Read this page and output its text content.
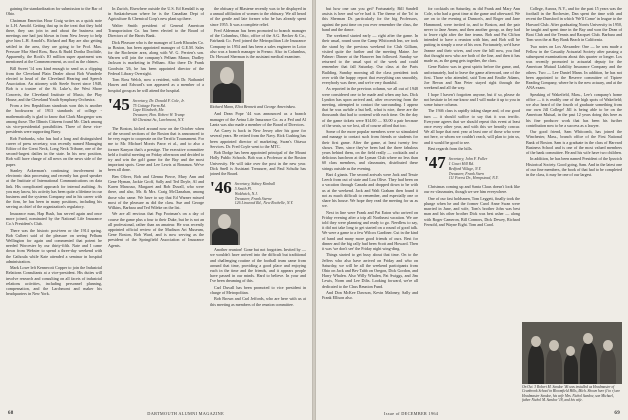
gaining the standardization for submission to the Bar of Ohio.

Chairman Emeritus Hour Craig writes us a quick note to L.H. Arnold. Getting that up in the treat that they hold there, they can join in and about the business and meetings one had just blown in from New Jersey to help give him L.H. Arnold's. Richard and Ray are also getting settled in the area, they are going to be Prof. Max. Pressure Mar Shed Ross, Russ & Budd Dortha Doolittle, Apparently, the Rock's IO million super apartment was mentioned at the Commencement, as cool as the chimes.

Bill Sweet '14 was kind enough to send us a clipping from the Cleveland Plain Dealer about Bob Wunderle elected to head of the Cleveland Hearing and Speech Association. An attorney with Steele Sweet since 1948, Bob is a trustee of the St. Luke's, the West Shore Concerts, the Cleveland Institute of Music, the Play House, and the Cleveland Youth Symphony Orchestra.

From a few Republican standouts won this is another the bookworm of 1913 standards of college - mathematically is glad to know that Clark Macgregor was among those. The Illinois Citizens found Mr. Clark among six vice-presidential possibilities. Three of these vice-presidents were supporting Barry.

Rob Fairbanks, who has had a long and distinguished career of press secretary, was recently named Managing Editor of the Great Neck, Long Neck Tribune, one of the second-largest dailies in the state. In his new position, Rob will have charge of all news on the news side of the paper.

Stanley Ackerman's continuing involvement in electronic data processing and recently has good speaker at the Institute of International Communications on data link. His complicated approach for internal auditing. As you may know, his activity has been quite a lifetime in our business and the systems Company and in his career with the firm, he has been in many positions, including his serving as chief of the organization's regulatory.

Insurance man, Hap Bush, has served again and once more joined, nominated by the National Life Insurance Co.'s President's Club.

There was the historic post-teen or the 1914 spring. Bob Culbert said of the pleasure on seeing Pelham Wellington for again and commented that potent he needed Worcester by our thirty-fifth. Nate and I came down from Webster to spend a three-day weekend with the Cathoula while Kate attended a seminar in hospital administration.

Mark Lowe left Kennecott Copper to join the Industrial Relations Consultants at a vice-president. His duties will involve research and consulting on all facets of industrial relations activities, including personnel planning, compensation, and the Larchmont and maker his headquarters in New York.

In Zurich, Elsewhere outside the U.S. Ed Kendall is up in Saskatchewan where he is the Canadian Dept of Agriculture & Chemical Corp's new plant up there.

Walter Smith president of General American Transportation Co. has been elected to the Board of Directors of the Harris Bank.

Dick Pleasure who is the manager of Loeb Rhoades Co. in Boston, has been appointed manager of G.E.M. Sales for the Rochester area, along with W. G. Perrien's son. Warren will join the company's Pelham Manor, Dudley Jackson is marketing in Pelham. Also there Dr Frank Goodwin '26, he has been appointed director of the Federal Library Oversight.

Tom Ross Welch, now a resident, with Dr. Nathaniel Hawes and Edward's son appeared as a member of a hospital group as he will attend the hospital.

'45 Secretary, Dr. Donald F. Cole, Jr.
75 Cottage Farm Rd.
Cape Elizabeth, Me.
Treasurer, Hon. Robert W. Trump
60 Chestnut Av., Larchmont, N.Y.

The Boston, kicked around now on the October when of the second sections of the Boston that is announced to be very eager to cooperate on the Terrific Tournament. For me to Mr. Michael Morris Paror et al., and to also a former Kanyon that's a prestige. The executive committee held a fruitful meeting on Friday afternoon and decided to try and win the golf game for the Bay and the most important spots. Gene and Lee Lewis at Bonanza. We've been all done.

Ben Oliver, Bob and Glenna Pierce, Mary Ann and Gene Hyman, Jackie Groff, Sally and Ted Doyle, Al and Karen Mancuso, Margaret and Bob Duvall, who were there, and also, Mr. & Mrs. Craig McClanahan, among those who came. We have to say that Ed Warner missed most of the pleasure as did the class. Sue and George Wilkins, Barbara and Ted Wileke on the list.

We are all envious that Pap Footman's on a day of course the game plus a four to their Duke, but he is not an all professional, rather than an amateur. He was recently appointed official review of the Madison Art Museum, Gene Boston, Bob Ward, and is now serving as the president of the Springfield Association of Insurance Agents.

the obituary of Blastene recently was to be displayed in a annual affiliation of women to the obituary. We all heard of the gentle and late former who he has already spent since 1955. It was a complete relief.

Fred Alderman has been promoted to branch manager of the Columbus, Ohio, office of the A.G. Becker & Co., Fairbank Co. Fred joined the Metropolitan Life Insurance Company in 1954 and has been a sales engineer in Lotor also was a branch manager in Fresno. Also in Columbus, Dr. Howard Sherman is the assistant medical examiner.

Richard Mann, Eliot Bennett and George Amerinkaw.

And Dean Pope '44 was announced as a branch manager of the Aetna Life Insurance Co. as a Fed and Al Lantz was also made a member of the Board of Directors.

Art Carey is back in New Jersey after his gone for several years. He retired from the Navy. Rick Cushing has been appointed director of marketing, Swan's Ottawa Services. Dr. Fred Coyle went to the MTC.

Bob Dodge has been appointed principal of the Mount Holly Public Schools. Bob was a Professor at the Boston University. He will take over the post in the new year. Dick Snell is Assistant Treasurer, and Paul Schultz has joined the Board.

'46 Secretary, Sidney Kimball
5 Smith Pl.
Waldwick, N.J.
Treasurer, Frank Sterne
126 Linwood Rd., New Rochelle, N.Y.

Another reunion! Gone but not forgotten. Invited by — we wouldn't have arrived into the difficult but traditional and challenging routine of the football team came from around that time, providing a good place and enjoying each in the time and the friends, and it appears people have passed in our minds. Hard to believe. In your and I've been dreaming of this.

Carl Duvall has been promoted to vice president in charge of Metropolitan.

Bob Brown and Carl Jeffords, who are here with us at this meeting as members of the reunion committee.

68	DARTMOUTH ALUMNI MAGAZINE

but how one can you get? Fortunately, Bill Sandell assists is here and we've had it. The theme of the 'In' in this Sherman Dr. particularly for the big Professors, against the past time on you ever remember the class, the band and the dance.

The weekend started early — right after the game. In their usual, round soon the Camp Whitcomb Inn, we took the stand by the previous weekend for Club Gilliam, visited quite the further and the meeting Maine. Joe Palmer: Dinner at the Hanover Inn followed. Sunday we returned to the usual spot of the week and could remember that fall Saturday. Our class at the Parts Building. Sunday morning all the class president took over with the happy report that everything ran smoothly, everybody was there, and we're very thankful.

As reported in the previous column, we all out of 1948 were considered one to be made and when any has. Dick Lyndon has upon arrived and, after recovering from the meeting, attempted to contact the surrounding. I appear that he was awhile a but bell, what is nice, there are the thousands that had to contend with each time. On the day of the game tickets were $14.00 — $3.00 a pair because of the seats, so we lost, all of course afford that too.

Some of the more popular members were so stimulated and manage to contact such from friends or students for their first game. After the game, at least twenty few shows. Then, since they've been had the three fabulous years behind them, on the field really — cocktails and a delicious luncheon at the Lyman Club where no less than 60 class members, and classmates, distributed these strings outside as the evening.

Bart 4 giants. The second arrivals were Jack and Tessie Leech from out of state and Lou Olive. They had been on a vacation through Canada and dropped down to be with us at the weekend. Jack and Walt Graham then found it not as much difficult to remember, and especially one or share his house. We hope they read the meeting for us as we.

Next in line were Frank and Pat Eaton who arrived on Friday evening after a trip all Northeast vacation. We are told they were planning and ready to go. Needless to say, it did not take long to get started on a round of good talk. We were a game to a few Wilcox Gardiner. Cut in the kind of band and many more good friends of ours. Best for dinner and the big rally had been Scott and Howard. Then it was 'we don't see' the Friday night wing-ding.

Things started to get busy about that time. On to the Jeffers who also have arrived on Friday and who on Saturday, we will be all the weekend participants from Ohio on Jack and Bev Tabb on Oregon, Dick Gordon, and Harry Whalen. Also Willy Whalen, Pat Swiggs, and Jim Lewis, Norm and Lee Dilts. Looking forward, we're all dedicated to the Class Reunion Fund.

And Don McKee Dawson, Kevin Maloney, Sally and Frank Ellison also.

for cocktails on Saturday, as did Frank and Mary Ann Cole, who had a great time at the game and afterward. We are on to the evening at Dunson's, and Roger and Jane Hammond, were invited to, and to Boston, and the pair never to Jane Amen, and then another group, as they had to leave right after the fine teams. Bob and Pat Clifton intended to have a reunion with him, and Bob will be putting in simply a rose of his own. Fortunately, we'd have Jeanne and their wives, and over the hill now, you find that thought now who are both of the line, and then it has made us, as the gang gets together, the class.

Gene Bulow was in great spirits before the game, and, unfortunately, had to leave the game afterward, one of the first. Those who attended, said Tom and Emilie Adams, Joe Bevan and Nan Peter stayed right through the weekend and all the way.

I hope I haven't forgotten anyone, but if so, please do not hesitate to let me know and I will make it up to you in some future column.

The 1946 class is rapidly taking shape and, of our good turn — it should suffice to say that it was terrific. Everyone agrees that we should repeat this event at least once every other year, and with this we heartily concur. We all hope that next year at least one of those who were not here, or whom we couldn't reach, will plan to join us, and it would be good to see.

Best regards from the hills.

'47 Secretary, John F. Fuller
1 Court Hill Rd.
Bedford Village, N.Y.
Treasurer, Frank Stern
111 Forest Dr., Hempstead, N.Y.

Christmas coming up and Santa Claus doesn't look like our ex-classmates, though we see him everywhere.

One of our fast holdsmen, Tom Leggett, finally took the plunge when he and the former Carol Anne Swan were married in June, and wife, Tom's brother John was best man and his other brother Dick was best usher — along with Roger Cameron, Bill Connors, Dick Dewey, Richard Fernold, and Wayne Eight. Tom and Carol.

College, Aurora, N.Y., and for the past 15 years was the football in the Rochester, Dan spent the time with and recent the Dunsford in which 'We'll Come' in league to the Harvard Club. After graduating Norris University in 1950, he taught and spent time in the Bay and won the Dean of Boat Club and the Tennis and Racquet Club. Barbara and Tom won the at Bay Bank Beach in California.

Two notes on Los Alexander: One — he was made a Fellow in the Casualty Actuarial Society after passing a subsequent examinations about this quarter or longer. Los was recently promoted to actuarial deputy for the American Mutual Liability Insurance Company and the others. Two — Lee Daniel Mann. In addition, he has not been appointed to the Reserve committee of Tiptree Reading Company, where he is the new actuary, and at the ANA exam.

Speaking of Wakefield, Mass., Lee's company's home office — it is readily one of the high spots of Wakefield; we also heard of the fourth of graduate something from our own Jill College! Jill is being able to be on the American Mutual, in the past 12 years doing this here as his fine producer work that has been his further contribution now to be a success as a lawyer.

Our good friend, Sam Whitcomb, has joined the Winchester, Mass., branch office of the First National Bank of Boston. Sam is a graduate in the class of Harvard Business School and is one of the most valued members of the bank committee. He and his wife have two children.

In addition, he has been named President of the Ipswich Historical Society. Good going, Sam. And in the latest one of our fine members, the book of that had to be completed in the class, it may be one of our largest.

On Oct. 3 Robert M. Sandoe '46 was installed as Headmaster of Cranbrook School in Bloomfield Hills, Mich. Shown here (l to r) are Headmaster Sandoe, his wife Mrs. Nichol Sandoe, son Michael, father Nichol M. Sandoe '18, and his wife.

Issue of DECEMBER 1964	69
